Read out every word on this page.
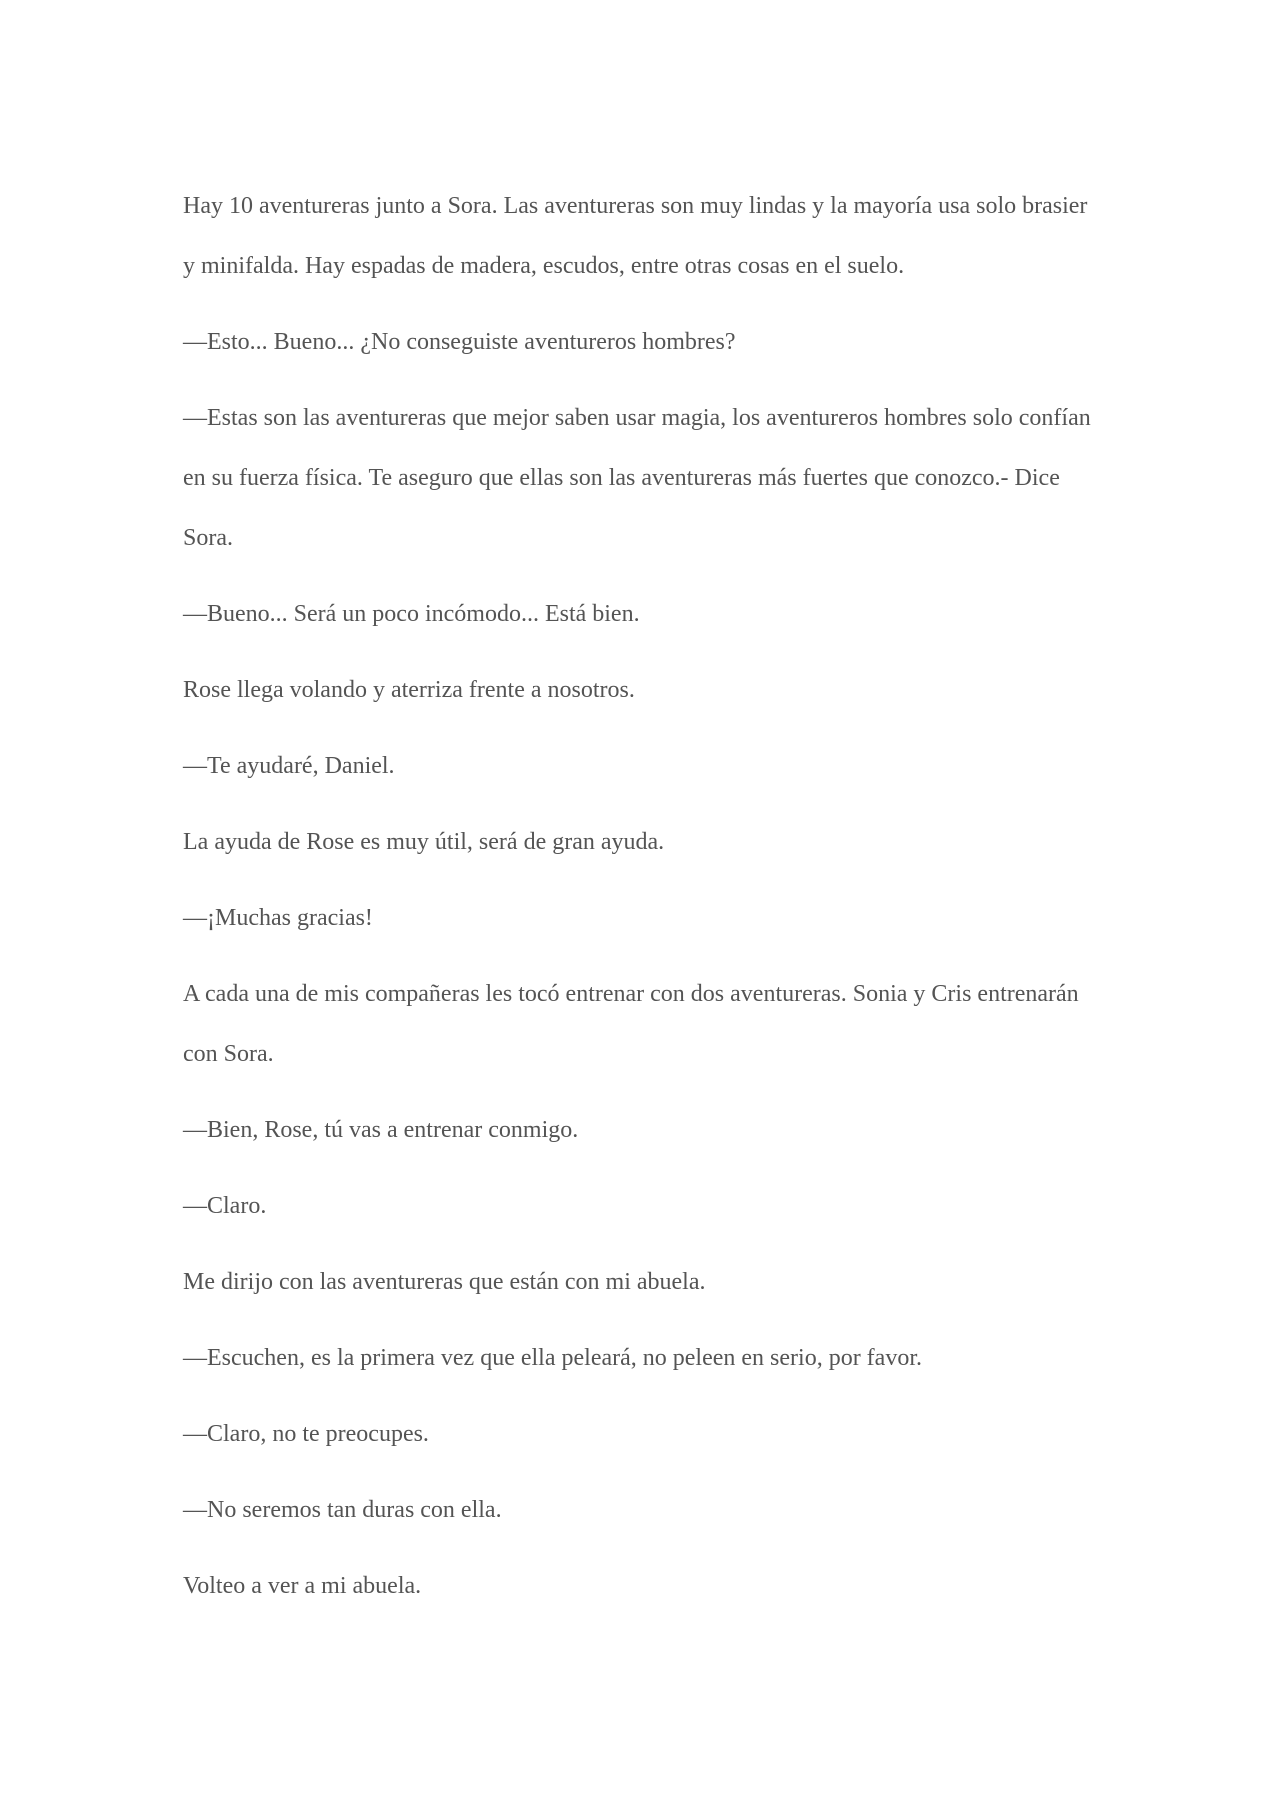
Hay 10 aventureras junto a Sora. Las aventureras son muy lindas y la mayoría usa solo brasier y minifalda. Hay espadas de madera, escudos, entre otras cosas en el suelo.

—Esto... Bueno... ¿No conseguiste aventureros hombres?

—Estas son las aventureras que mejor saben usar magia, los aventureros hombres solo confían en su fuerza física. Te aseguro que ellas son las aventureras más fuertes que conozco.- Dice Sora.

—Bueno... Será un poco incómodo... Está bien.

Rose llega volando y aterriza frente a nosotros.

—Te ayudaré, Daniel.

La ayuda de Rose es muy útil, será de gran ayuda.

—¡Muchas gracias!

A cada una de mis compañeras les tocó entrenar con dos aventureras. Sonia y Cris entrenarán con Sora.

—Bien, Rose, tú vas a entrenar conmigo.

—Claro.

Me dirijo con las aventureras que están con mi abuela.

—Escuchen, es la primera vez que ella peleará, no peleen en serio, por favor.

—Claro, no te preocupes.

—No seremos tan duras con ella.

Volteo a ver a mi abuela.
